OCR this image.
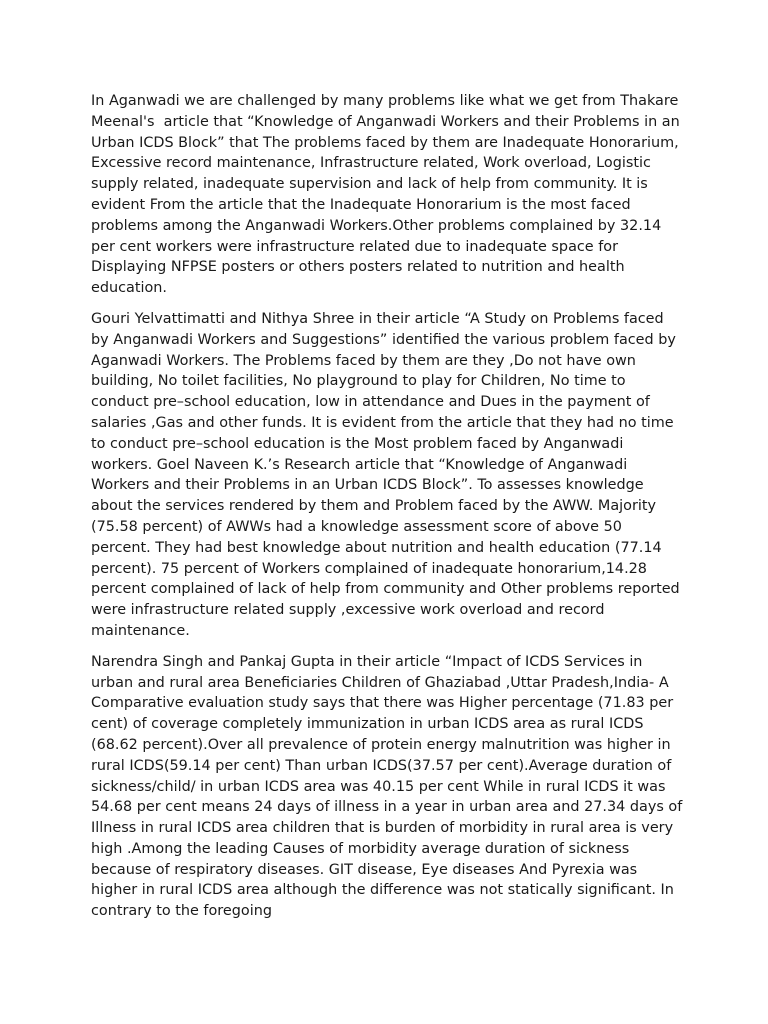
In Aganwadi we are challenged by many problems like what we get from Thakare Meenal's  article that “Knowledge of Anganwadi Workers and their Problems in an Urban ICDS Block” that The problems faced by them are Inadequate Honorarium, Excessive record maintenance, Infrastructure related, Work overload, Logistic supply related, inadequate supervision and lack of help from community. It is evident From the article that the Inadequate Honorarium is the most faced problems among the Anganwadi Workers.Other problems complained by 32.14 per cent workers were infrastructure related due to inadequate space for Displaying NFPSE posters or others posters related to nutrition and health education.

Gouri Yelvattimatti and Nithya Shree in their article “A Study on Problems faced by Anganwadi Workers and Suggestions” identified the various problem faced by Aganwadi Workers. The Problems faced by them are they ,Do not have own building, No toilet facilities, No playground to play for Children, No time to conduct pre–school education, low in attendance and Dues in the payment of salaries ,Gas and other funds. It is evident from the article that they had no time to conduct pre–school education is the Most problem faced by Anganwadi workers. Goel Naveen K.’s Research article that “Knowledge of Anganwadi Workers and their Problems in an Urban ICDS Block”. To assesses knowledge about the services rendered by them and Problem faced by the AWW. Majority (75.58 percent) of AWWs had a knowledge assessment score of above 50 percent. They had best knowledge about nutrition and health education (77.14 percent). 75 percent of Workers complained of inadequate honorarium,14.28 percent complained of lack of help from community and Other problems reported were infrastructure related supply ,excessive work overload and record maintenance.

Narendra Singh and Pankaj Gupta in their article “Impact of ICDS Services in urban and rural area Beneficiaries Children of Ghaziabad ,Uttar Pradesh,India- A Comparative evaluation study says that there was Higher percentage (71.83 per cent) of coverage completely immunization in urban ICDS area as rural ICDS (68.62 percent).Over all prevalence of protein energy malnutrition was higher in rural ICDS(59.14 per cent) Than urban ICDS(37.57 per cent).Average duration of sickness/child/ in urban ICDS area was 40.15 per cent While in rural ICDS it was 54.68 per cent means 24 days of illness in a year in urban area and 27.34 days of Illness in rural ICDS area children that is burden of morbidity in rural area is very high .Among the leading Causes of morbidity average duration of sickness because of respiratory diseases. GIT disease, Eye diseases And Pyrexia was higher in rural ICDS area although the difference was not statically significant. In contrary to the foregoing
